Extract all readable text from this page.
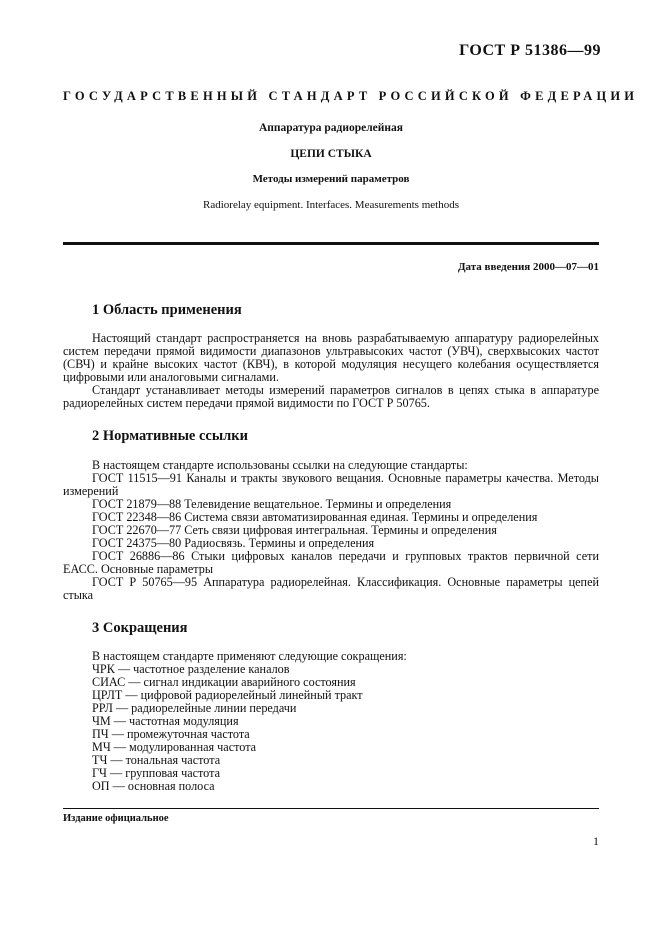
ГОСТ Р 51386—99
ГОСУДАРСТВЕННЫЙ СТАНДАРТ РОССИЙСКОЙ ФЕДЕРАЦИИ
Аппаратура радиорелейная
ЦЕПИ СТЫКА
Методы измерений параметров
Radiorelay equipment. Interfaces. Measurements methods
Дата введения 2000—07—01
1 Область применения
Настоящий стандарт распространяется на вновь разрабатываемую аппаратуру радиорелейных систем передачи прямой видимости диапазонов ультравысоких частот (УВЧ), сверхвысоких частот (СВЧ) и крайне высоких частот (КВЧ), в которой модуляция несущего колебания осуществляется цифровыми или аналоговыми сигналами.
Стандарт устанавливает методы измерений параметров сигналов в цепях стыка в аппаратуре радиорелейных систем передачи прямой видимости по ГОСТ Р 50765.
2 Нормативные ссылки
В настоящем стандарте использованы ссылки на следующие стандарты:
ГОСТ 11515—91 Каналы и тракты звукового вещания. Основные параметры качества. Методы измерений
ГОСТ 21879—88 Телевидение вещательное. Термины и определения
ГОСТ 22348—86 Система связи автоматизированная единая. Термины и определения
ГОСТ 22670—77 Сеть связи цифровая интегральная. Термины и определения
ГОСТ 24375—80 Радиосвязь. Термины и определения
ГОСТ 26886—86 Стыки цифровых каналов передачи и групповых трактов первичной сети ЕАСС. Основные параметры
ГОСТ Р 50765—95 Аппаратура радиорелейная. Классификация. Основные параметры цепей стыка
3 Сокращения
В настоящем стандарте применяют следующие сокращения:
ЧРК — частотное разделение каналов
СИАС — сигнал индикации аварийного состояния
ЦРЛТ — цифровой радиорелейный линейный тракт
РРЛ — радиорелейные линии передачи
ЧМ — частотная модуляция
ПЧ — промежуточная частота
МЧ — модулированная частота
ТЧ — тональная частота
ГЧ — групповая частота
ОП — основная полоса
Издание официальное
1
